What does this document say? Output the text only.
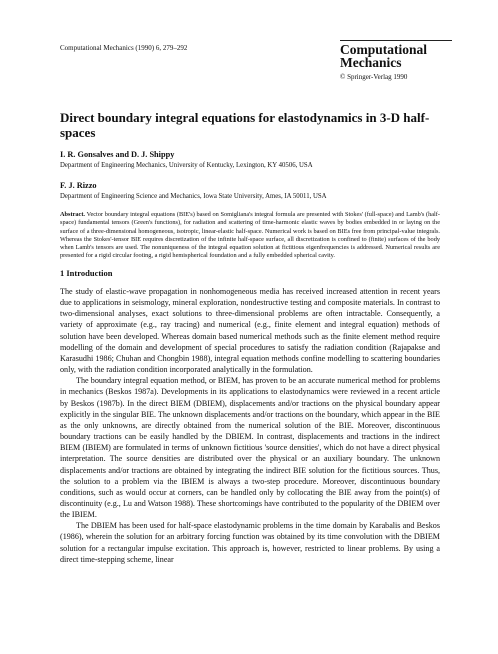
Computational Mechanics (1990) 6, 279–292	Computational
Mechanics
© Springer-Verlag 1990
Direct boundary integral equations for elastodynamics in 3-D half-spaces
I. R. Gonsalves and D. J. Shippy
Department of Engineering Mechanics, University of Kentucky, Lexington, KY 40506, USA
F. J. Rizzo
Department of Engineering Science and Mechanics, Iowa State University, Ames, IA 50011, USA
Abstract. Vector boundary integral equations (BIE's) based on Somigliana's integral formula are presented with Stokes' (full-space) and Lamb's (half-space) fundamental tensors (Green's functions), for radiation and scattering of time-harmonic elastic waves by bodies embedded in or laying on the surface of a three-dimensional homogeneous, isotropic, linear-elastic half-space. Numerical work is based on BIEs free from principal-value integrals. Whereas the Stokes'-tensor BIE requires discretization of the infinite half-space surface, all discretization is confined to (finite) surfaces of the body when Lamb's tensors are used. The nonuniqueness of the integral equation solution at fictitious eigenfrequencies is addressed. Numerical results are presented for a rigid circular footing, a rigid hemispherical foundation and a fully embedded spherical cavity.
1 Introduction

The study of elastic-wave propagation in nonhomogeneous media has received increased attention in recent years due to applications in seismology, mineral exploration, nondestructive testing and composite materials. In contrast to two-dimensional analyses, exact solutions to three-dimensional problems are often intractable. Consequently, a variety of approximate (e.g., ray tracing) and numerical (e.g., finite element and integral equation) methods of solution have been developed. Whereas domain based numerical methods such as the finite element method require modelling of the domain and development of special procedures to satisfy the radiation condition (Rajapakse and Karasudhi 1986; Chuhan and Chongbin 1988), integral equation methods confine modelling to scattering boundaries only, with the radiation condition incorporated analytically in the formulation.

The boundary integral equation method, or BIEM, has proven to be an accurate numerical method for problems in mechanics (Beskos 1987a). Developments in its applications to elastodynamics were reviewed in a recent article by Beskos (1987b). In the direct BIEM (DBIEM), displacements and/or tractions on the physical boundary appear explicitly in the singular BIE. The unknown displacements and/or tractions on the boundary, which appear in the BIE as the only unknowns, are directly obtained from the numerical solution of the BIE. Moreover, discontinuous boundary tractions can be easily handled by the DBIEM. In contrast, displacements and tractions in the indirect BIEM (IBIEM) are formulated in terms of unknown fictitious 'source densities', which do not have a direct physical interpretation. The source densities are distributed over the physical or an auxiliary boundary. The unknown displacements and/or tractions are obtained by integrating the indirect BIE solution for the fictitious sources. Thus, the solution to a problem via the IBIEM is always a two-step procedure. Moreover, discontinuous boundary conditions, such as would occur at corners, can be handled only by collocating the BIE away from the point(s) of discontinuity (e.g., Lu and Watson 1988). These shortcomings have contributed to the popularity of the DBIEM over the IBIEM.

The DBIEM has been used for half-space elastodynamic problems in the time domain by Karabalis and Beskos (1986), wherein the solution for an arbitrary forcing function was obtained by its time convolution with the DBIEM solution for a rectangular impulse excitation. This approach is, however, restricted to linear problems. By using a direct time-stepping scheme, linear
